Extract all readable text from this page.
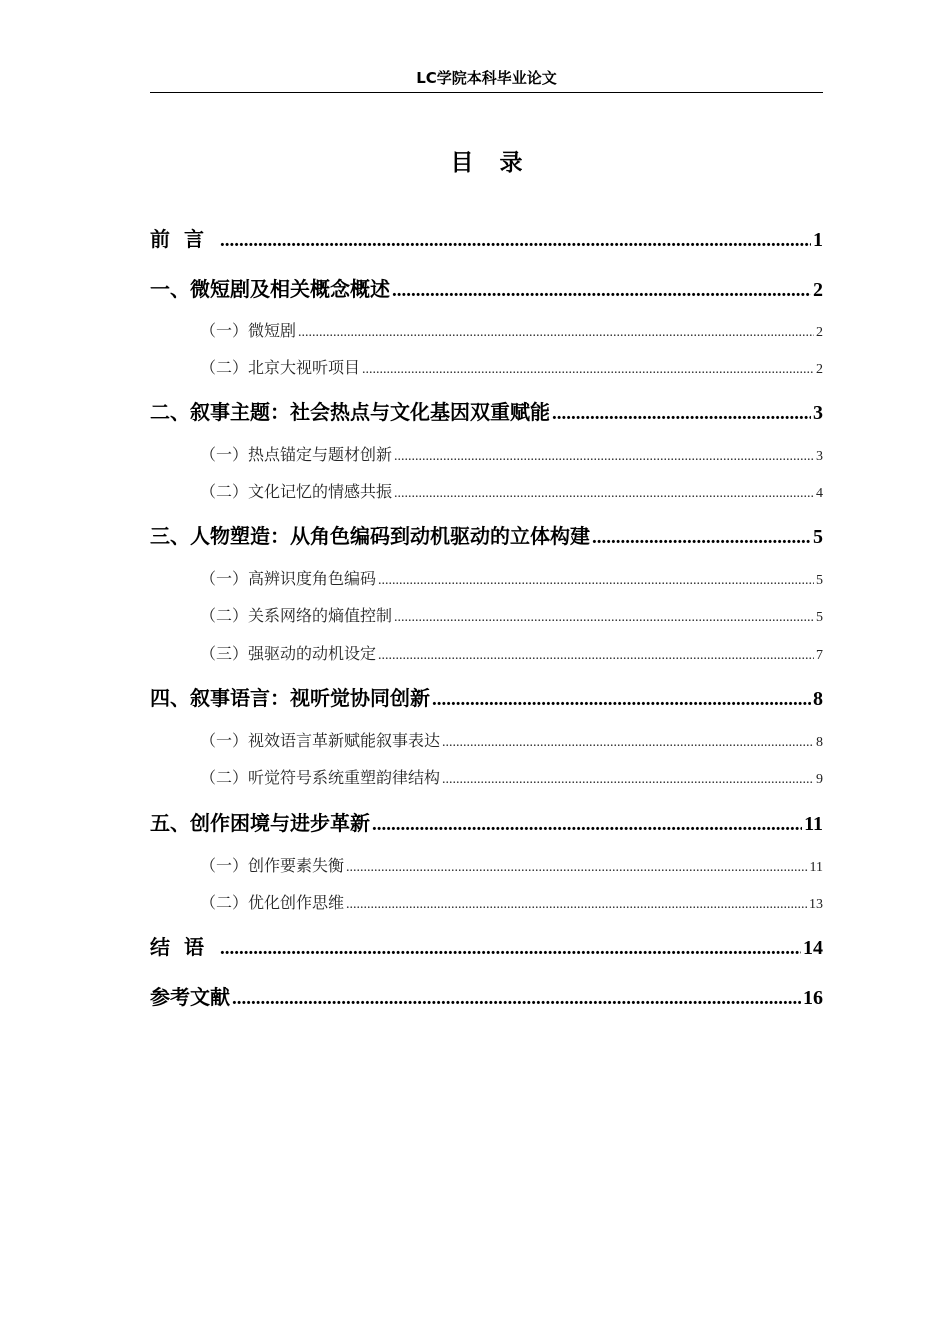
LC学院本科毕业论文
目录
前言 .....	1
一、微短剧及相关概念概述 .....	2
（一）微短剧 .....	2
（二）北京大视听项目 .....	2
二、叙事主题：社会热点与文化基因双重赋能 .....	3
（一）热点锚定与题材创新 .....	3
（二）文化记忆的情感共振 .....	4
三、人物塑造：从角色编码到动机驱动的立体构建 .....	5
（一）高辨识度角色编码 .....	5
（二）关系网络的熵值控制 .....	5
（三）强驱动的动机设定 .....	7
四、叙事语言：视听觉协同创新 .....	8
（一）视效语言革新赋能叙事表达 .....	8
（二）听觉符号系统重塑韵律结构 .....	9
五、创作困境与进步革新 .....	11
（一）创作要素失衡 .....	11
（二）优化创作思维 .....	13
结语 .....	14
参考文献 .....	16
